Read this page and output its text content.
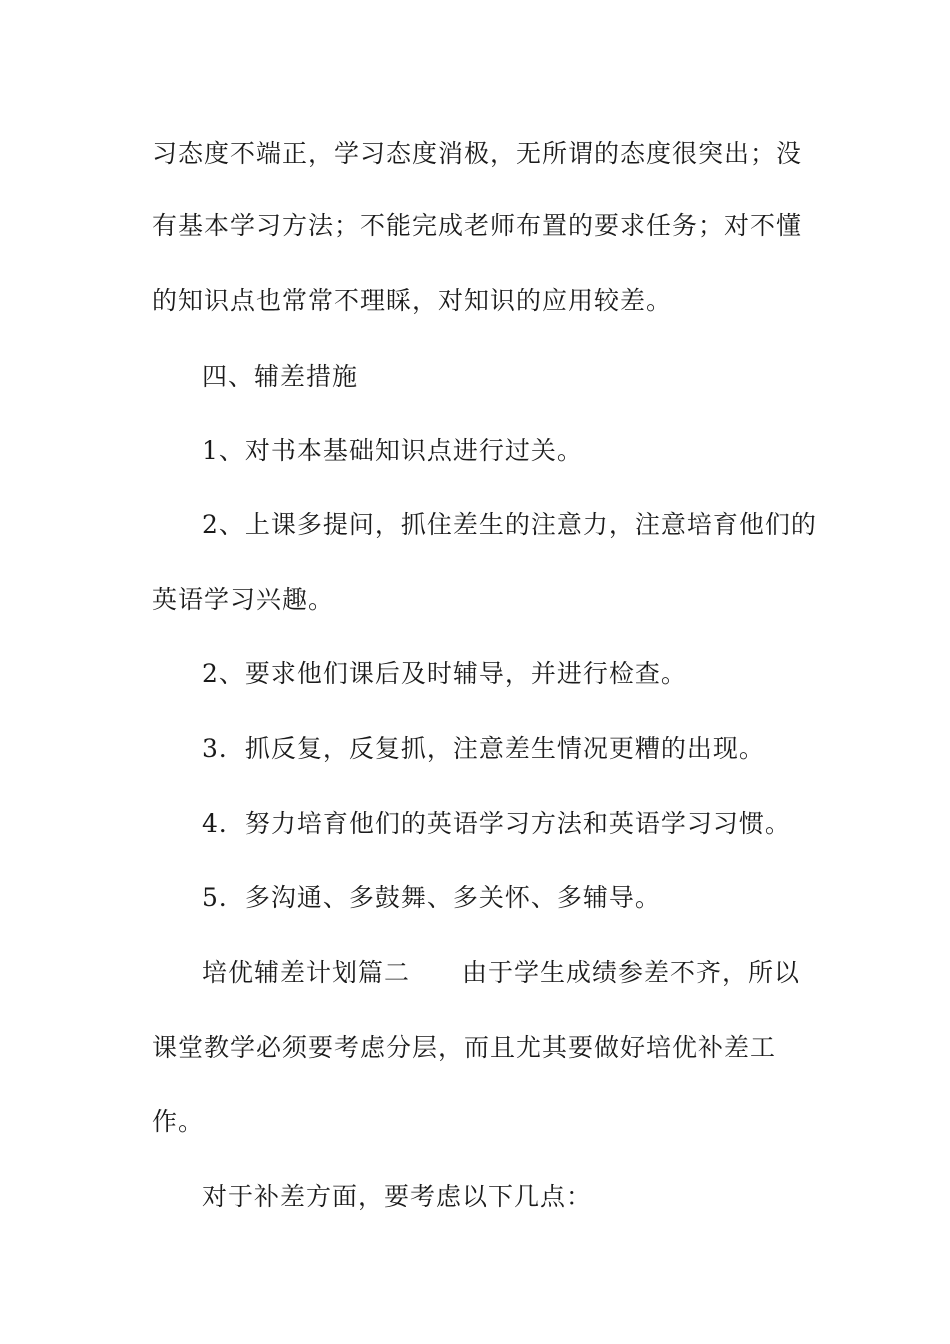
习态度不端正，学习态度消极，无所谓的态度很突出；没
有基本学习方法；不能完成老师布置的要求任务；对不懂
的知识点也常常不理睬，对知识的应用较差。
四、辅差措施
1、对书本基础知识点进行过关。
2、上课多提问，抓住差生的注意力，注意培育他们的
英语学习兴趣。
2、要求他们课后及时辅导，并进行检查。
3．抓反复，反复抓，注意差生情况更糟的出现。
4．努力培育他们的英语学习方法和英语学习习惯。
5．多沟通、多鼓舞、多关怀、多辅导。
培优辅差计划篇二　　由于学生成绩参差不齐，所以
课堂教学必须要考虑分层，而且尤其要做好培优补差工
作。
对于补差方面，要考虑以下几点：
